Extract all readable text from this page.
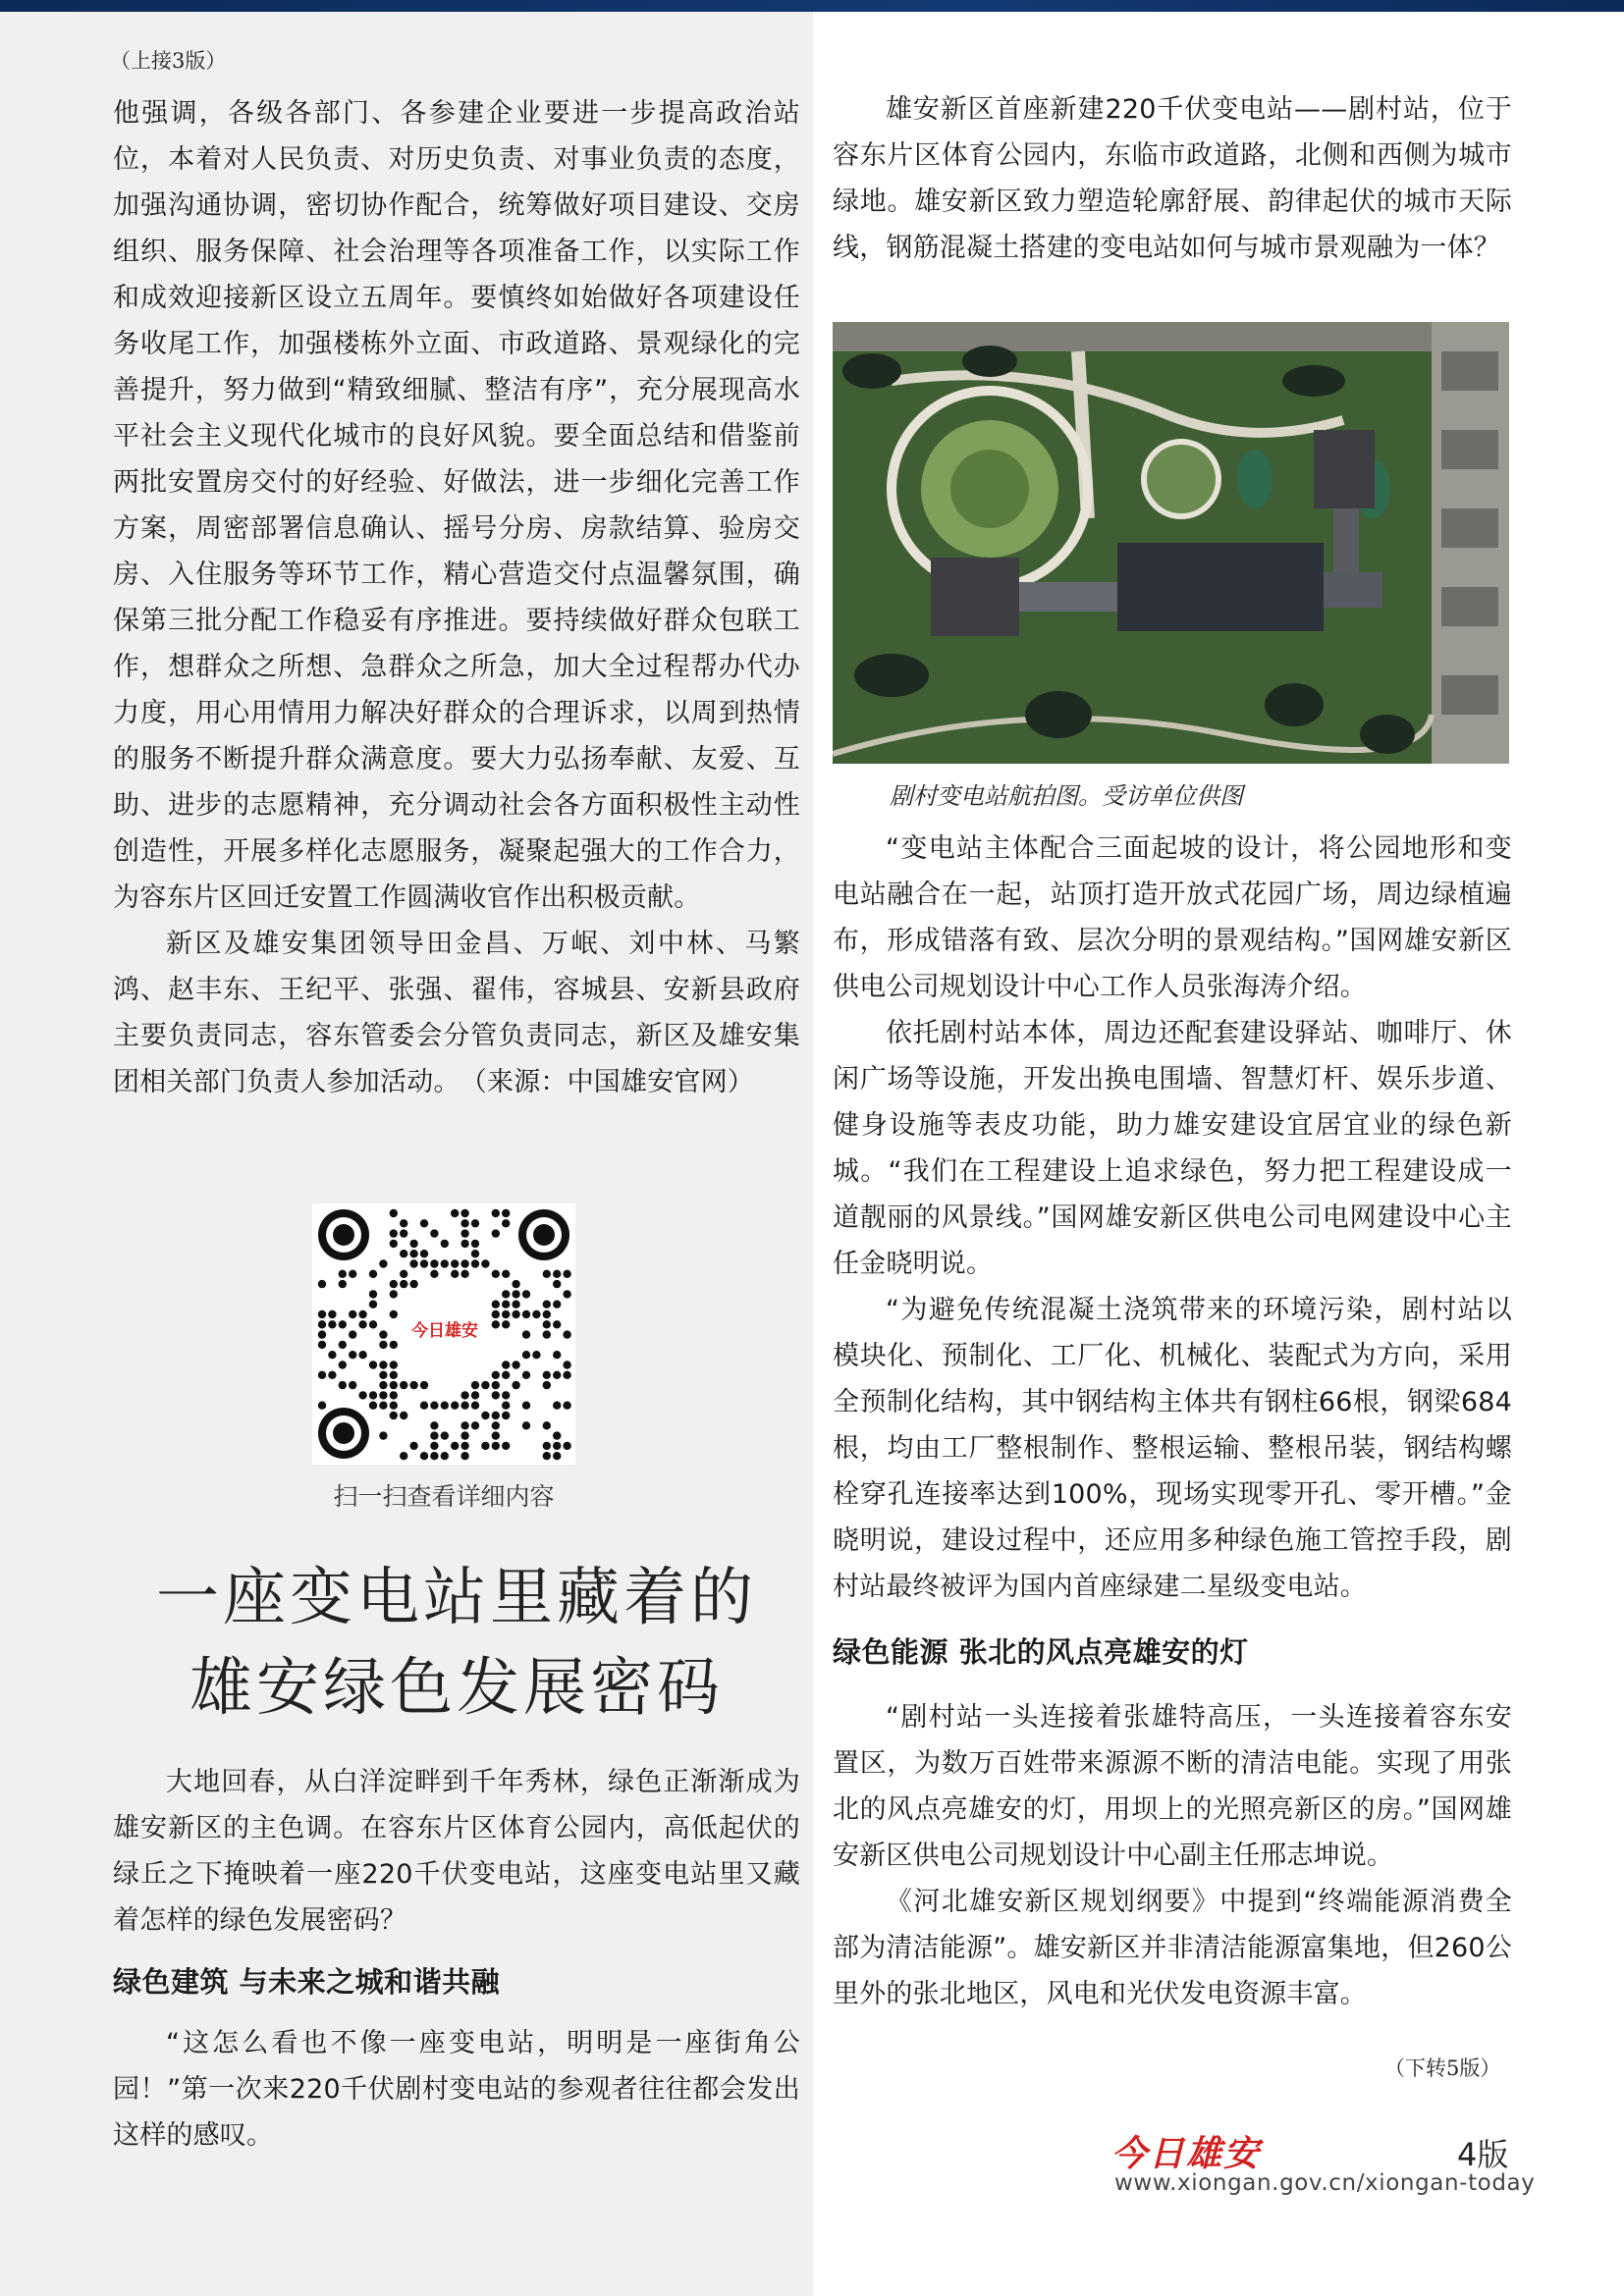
（上接3版）

他强调，各级各部门、各参建企业要进一步提高政治站位，本着对人民负责、对历史负责、对事业负责的态度，加强沟通协调，密切协作配合，统筹做好项目建设、交房组织、服务保障、社会治理等各项准备工作，以实际工作和成效迎接新区设立五周年。要慎终如始做好各项建设任务收尾工作，加强楼栋外立面、市政道路、景观绿化的完善提升，努力做到“精致细腻、整洁有序”，充分展现高水平社会主义现代化城市的良好风貌。要全面总结和借鉴前两批安置房交付的好经验、好做法，进一步细化完善工作方案，周密部署信息确认、摇号分房、房款结算、验房交房、入住服务等环节工作，精心营造交付点温馨氛围，确保第三批分配工作稳妥有序推进。要持续做好群众包联工作，想群众之所想、急群众之所急，加大全过程帮办代办力度，用心用情用力解决好群众的合理诉求，以周到热情的服务不断提升群众满意度。要大力弘扬奉献、友爱、互助、进步的志愿精神，充分调动社会各方面积极性主动性创造性，开展多样化志愿服务，凝聚起强大的工作合力，为容东片区回迁安置工作圆满收官作出积极贡献。

新区及雄安集团领导田金昌、万岷、刘中林、马繁鸿、赵丰东、王纪平、张强、翟伟，容城县、安新县政府主要负责同志，容东管委会分管负责同志，新区及雄安集团相关部门负责人参加活动。　（来源：中国雄安官网）

今日雄安
扫一扫查看详细内容
一座变电站里藏着的
雄安绿色发展密码

大地回春，从白洋淀畔到千年秀林，绿色正渐渐成为雄安新区的主色调。在容东片区体育公园内，高低起伏的绿丘之下掩映着一座220千伏变电站，这座变电站里又藏着怎样的绿色发展密码？

绿色建筑 与未来之城和谐共融

“这怎么看也不像一座变电站，明明是一座街角公园！”第一次来220千伏剧村变电站的参观者往往都会发出这样的感叹。

雄安新区首座新建220千伏变电站——剧村站，位于容东片区体育公园内，东临市政道路，北侧和西侧为城市绿地。雄安新区致力塑造轮廓舒展、韵律起伏的城市天际线，钢筋混凝土搭建的变电站如何与城市景观融为一体？

剧村变电站航拍图。受访单位供图

“变电站主体配合三面起坡的设计，将公园地形和变电站融合在一起，站顶打造开放式花园广场，周边绿植遍布，形成错落有致、层次分明的景观结构。”国网雄安新区供电公司规划设计中心工作人员张海涛介绍。

依托剧村站本体，周边还配套建设驿站、咖啡厅、休闲广场等设施，开发出换电围墙、智慧灯杆、娱乐步道、健身设施等表皮功能，助力雄安建设宜居宜业的绿色新城。“我们在工程建设上追求绿色，努力把工程建设成一道靓丽的风景线。”国网雄安新区供电公司电网建设中心主任金晓明说。

“为避免传统混凝土浇筑带来的环境污染，剧村站以模块化、预制化、工厂化、机械化、装配式为方向，采用全预制化结构，其中钢结构主体共有钢柱66根，钢梁684根，均由工厂整根制作、整根运输、整根吊装，钢结构螺栓穿孔连接率达到100%，现场实现零开孔、零开槽。”金晓明说，建设过程中，还应用多种绿色施工管控手段，剧村站最终被评为国内首座绿建二星级变电站。

绿色能源 张北的风点亮雄安的灯

“剧村站一头连接着张雄特高压，一头连接着容东安置区，为数万百姓带来源源不断的清洁电能。实现了用张北的风点亮雄安的灯，用坝上的光照亮新区的房。”国网雄安新区供电公司规划设计中心副主任邢志坤说。

《河北雄安新区规划纲要》中提到“终端能源消费全部为清洁能源”。雄安新区并非清洁能源富集地，但260公里外的张北地区，风电和光伏发电资源丰富。

（下转5版）
今日雄安	4版
www.xiongan.gov.cn/xiongan-today
